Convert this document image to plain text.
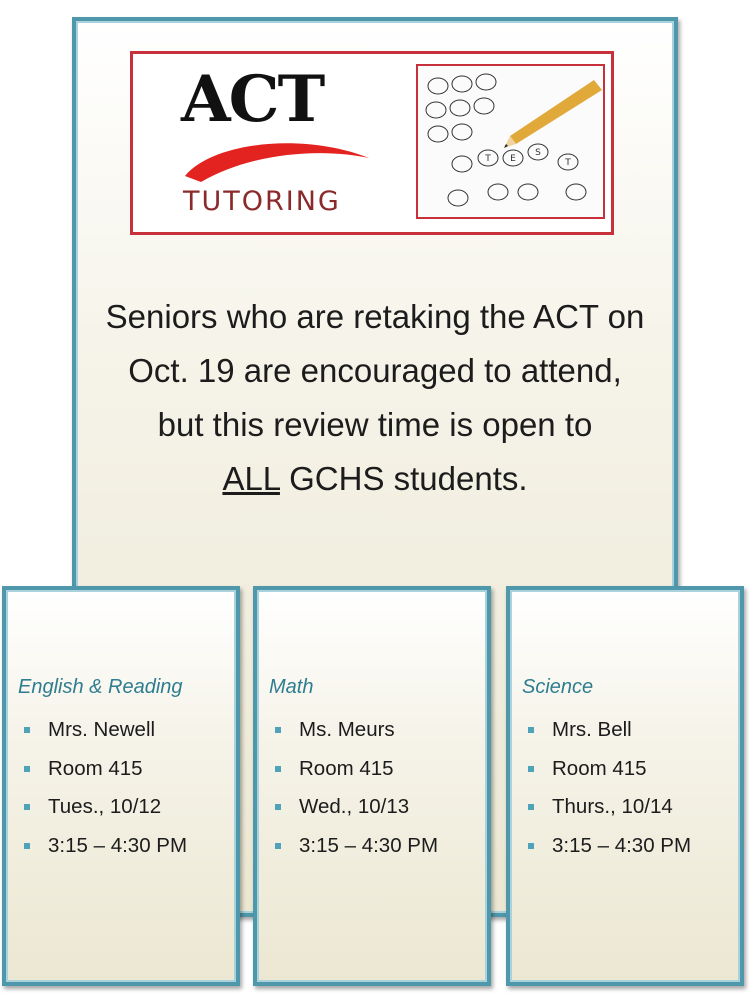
ACT
TUTORING
T E
S
T
Seniors who are retaking the ACT on
Oct. 19 are encouraged to attend,
but this review time is open to
ALL GCHS students.
English & Reading
Mrs. Newell
Room 415
Tues., 10/12
3:15 – 4:30 PM
Math
Ms. Meurs
Room 415
Wed., 10/13
3:15 – 4:30 PM
Science
Mrs. Bell
Room 415
Thurs., 10/14
3:15 – 4:30 PM
